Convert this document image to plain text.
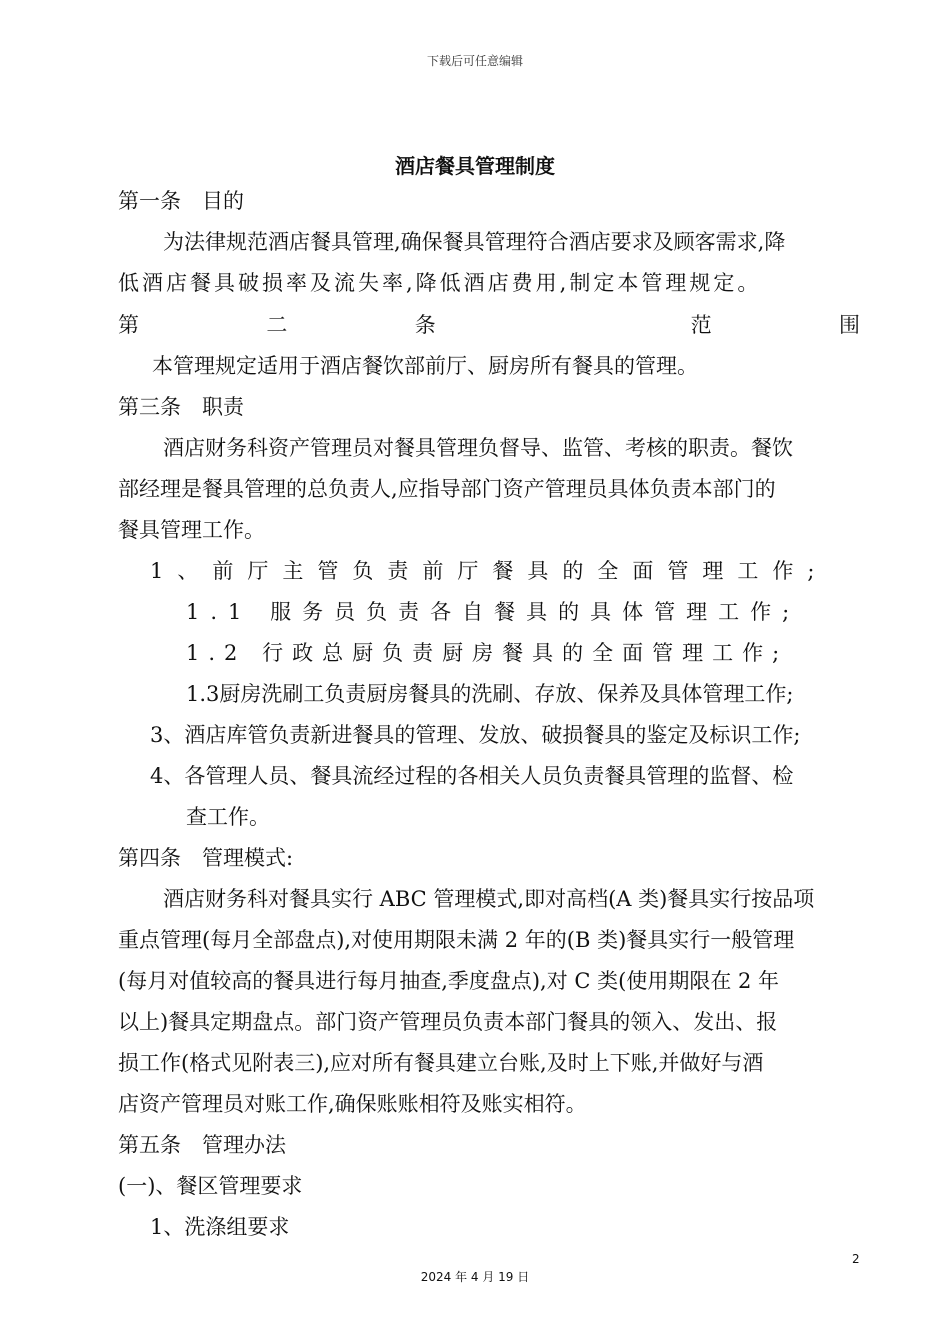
下载后可任意编辑
酒店餐具管理制度
第一条　目的
为法律规范酒店餐具管理,确保餐具管理符合酒店要求及顾客需求,降
低酒店餐具破损率及流失率,降低酒店费用,制定本管理规定。
第	二	条	范	围
本管理规定适用于酒店餐饮部前厅、厨房所有餐具的管理。
第三条　职责
酒店财务科资产管理员对餐具管理负督导、监管、考核的职责。餐饮
部经理是餐具管理的总负责人,应指导部门资产管理员具体负责本部门的
餐具管理工作。
1、前厅主管负责前厅餐具的全面管理工作;
1.1 服务员负责各自餐具的具体管理工作;
1.2 行政总厨负责厨房餐具的全面管理工作;
1.3厨房洗刷工负责厨房餐具的洗刷、存放、保养及具体管理工作;
3、酒店库管负责新进餐具的管理、发放、破损餐具的鉴定及标识工作;
4、各管理人员、餐具流经过程的各相关人员负责餐具管理的监督、检
查工作。
第四条　管理模式:
酒店财务科对餐具实行 ABC 管理模式,即对高档(A 类)餐具实行按品项
重点管理(每月全部盘点),对使用期限未满 2 年的(B 类)餐具实行一般管理
(每月对值较高的餐具进行每月抽查,季度盘点),对 C 类(使用期限在 2 年
以上)餐具定期盘点。部门资产管理员负责本部门餐具的领入、发出、报
损工作(格式见附表三),应对所有餐具建立台账,及时上下账,并做好与酒
店资产管理员对账工作,确保账账相符及账实相符。
第五条　管理办法
(一)、餐区管理要求
1、洗涤组要求
2
2024 年 4 月 19 日
